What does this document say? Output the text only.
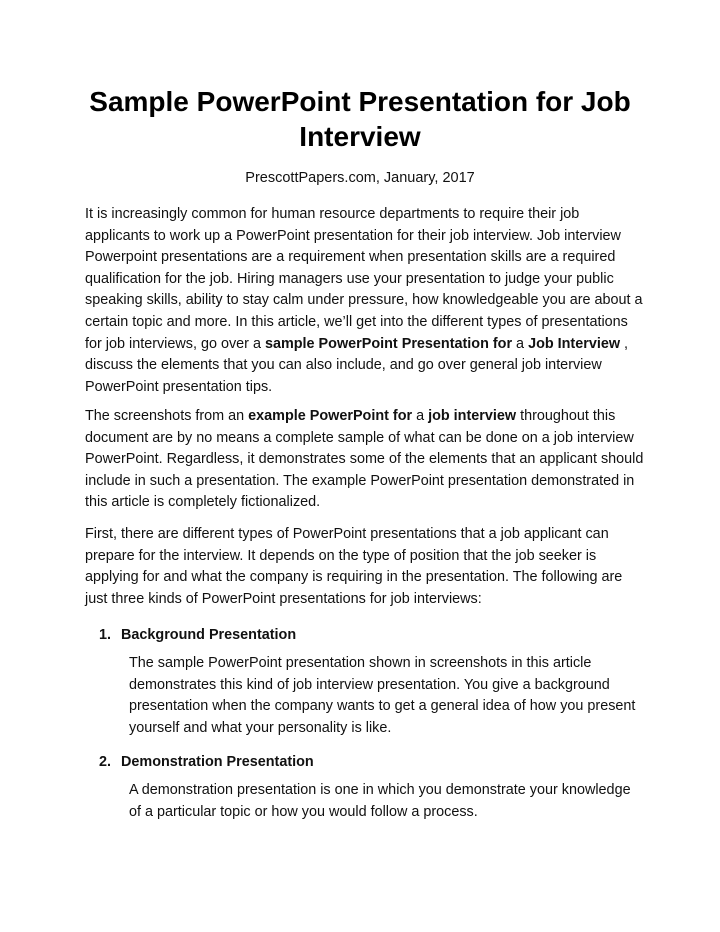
Sample PowerPoint Presentation for Job
Interview

PrescottPapers.com, January, 2017

It is increasingly common for human resource departments to require their job
applicants to work up a PowerPoint presentation for their job interview. Job interview
Powerpoint presentations are a requirement when presentation skills are a required
qualification for the job. Hiring managers use your presentation to judge your public
speaking skills, ability to stay calm under pressure, how knowledgeable you are about a
certain topic and more. In this article, we’ll get into the different types of presentations
for job interviews, go over a sample PowerPoint Presentation for a Job Interview ,
discuss the elements that you can also include, and go over general job interview
PowerPoint presentation tips.

The screenshots from an example PowerPoint for a job interview throughout this
document are by no means a complete sample of what can be done on a job interview
PowerPoint. Regardless, it demonstrates some of the elements that an applicant should
include in such a presentation. The example PowerPoint presentation demonstrated in
this article is completely fictionalized.

First, there are different types of PowerPoint presentations that a job applicant can
prepare for the interview. It depends on the type of position that the job seeker is
applying for and what the company is requiring in the presentation. The following are
just three kinds of PowerPoint presentations for job interviews:

1. Background Presentation

The sample PowerPoint presentation shown in screenshots in this article
demonstrates this kind of job interview presentation. You give a background
presentation when the company wants to get a general idea of how you present
yourself and what your personality is like.

2. Demonstration Presentation

A demonstration presentation is one in which you demonstrate your knowledge
of a particular topic or how you would follow a process.
